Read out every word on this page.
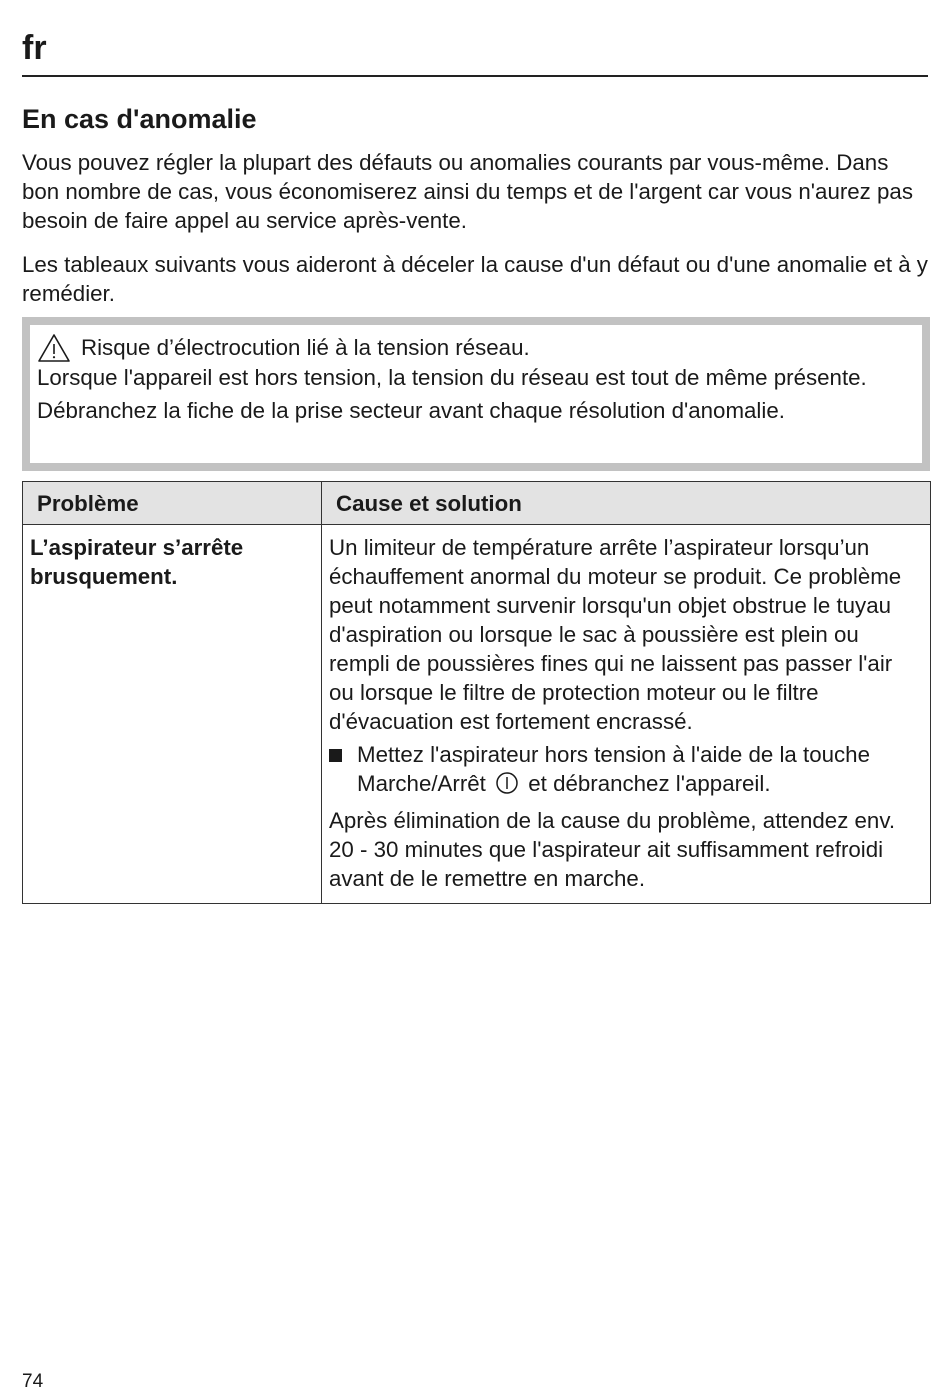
fr
En cas d'anomalie

Vous pouvez régler la plupart des défauts ou anomalies courants par vous-même. Dans bon nombre de cas, vous économiserez ainsi du temps et de l'argent car vous n'aurez pas besoin de faire appel au service après-vente.

Les tableaux suivants vous aideront à déceler la cause d'un défaut ou d'une anomalie et à y remédier.

Risque d’électrocution lié à la tension réseau.

Lorsque l'appareil est hors tension, la tension du réseau est tout de même présente.

Débranchez la fiche de la prise secteur avant chaque résolution d'anomalie.

Problème	Cause et solution
L’aspirateur s’arrête brusquement.	Un limiteur de température arrête l’aspirateur lorsqu’un échauffement anormal du moteur se produit. Ce problème peut notamment survenir lorsqu'un objet obstrue le tuyau d'aspiration ou lorsque le sac à poussière est plein ou rempli de poussières fines qui ne laissent pas passer l'air ou lorsque le filtre de protection moteur ou le filtre d'évacuation est fortement encrassé.

Mettez l'aspirateur hors tension à l'aide de la touche Marche/Arrêt et débranchez l'appareil.

Après élimination de la cause du problème, attendez env. 20 - 30 minutes que l'aspirateur ait suffisamment refroidi avant de le remettre en marche.

74
